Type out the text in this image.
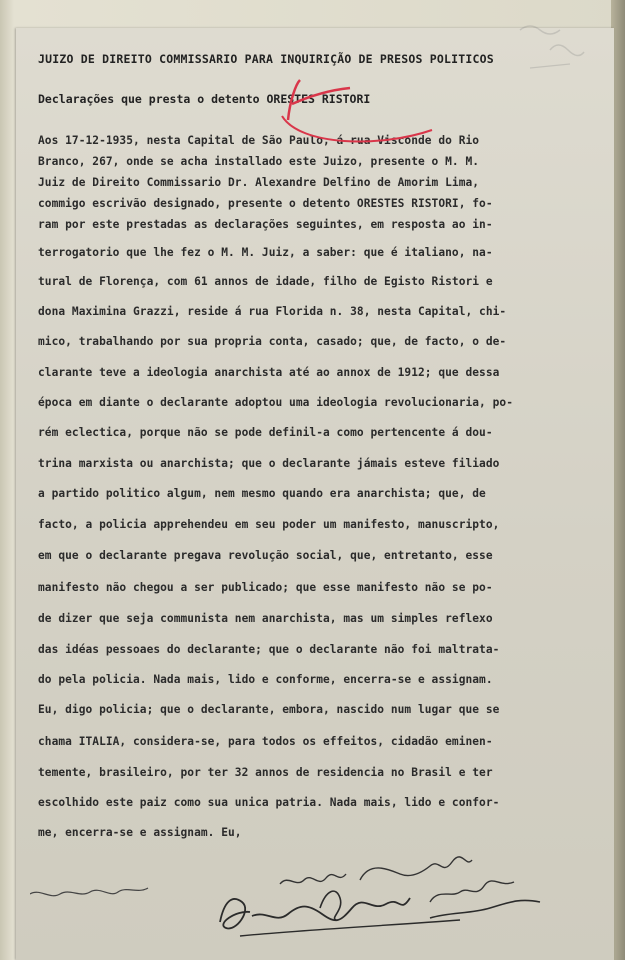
JUIZO DE DIREITO COMMISSARIO PARA INQUIRIÇÃO DE PRESOS POLITICOS

Declarações que presta o detento ORESTES RISTORI

Aos 17-12-1935, nesta Capital de São Paulo, á rua Visconde do Rio
Branco, 267, onde se acha installado este Juizo, presente o M. M.
Juiz de Direito Commissario Dr. Alexandre Delfino de Amorim Lima,
commigo escrivão designado, presente o detento ORESTES RISTORI, fo-
ram por este prestadas as declarações seguintes, em resposta ao in-
terrogatorio que lhe fez o M. M. Juiz, a saber: que é italiano, na-
tural de Florença, com 61 annos de idade, filho de Egisto Ristori e
dona Maximina Grazzi, reside á rua Florida n. 38, nesta Capital, chi-
mico, trabalhando por sua propria conta, casado; que, de facto, o de-
clarante teve a ideologia anarchista até ao annox de 1912; que dessa
época em diante o declarante adoptou uma ideologia revolucionaria, po-
rém eclectica, porque não se pode definil-a como pertencente á dou-
trina marxista ou anarchista; que o declarante jámais esteve filiado
a partido politico algum, nem mesmo quando era anarchista; que, de
facto, a policia apprehendeu em seu poder um manifesto, manuscripto,
em que o declarante pregava revolução social, que, entretanto, esse
manifesto não chegou a ser publicado; que esse manifesto não se po-
de dizer que seja communista nem anarchista, mas um simples reflexo
das idéas pessoaes do declarante; que o declarante não foi maltrata-
do pela policia. Nada mais, lido e conforme, encerra-se e assignam.
Eu, digo policia; que o declarante, embora, nascido num lugar que se
chama ITALIA, considera-se, para todos os effeitos, cidadão eminen-
temente, brasileiro, por ter 32 annos de residencia no Brasil e ter
escolhido este paiz como sua unica patria. Nada mais, lido e confor-
me, encerra-se e assignam. Eu,
